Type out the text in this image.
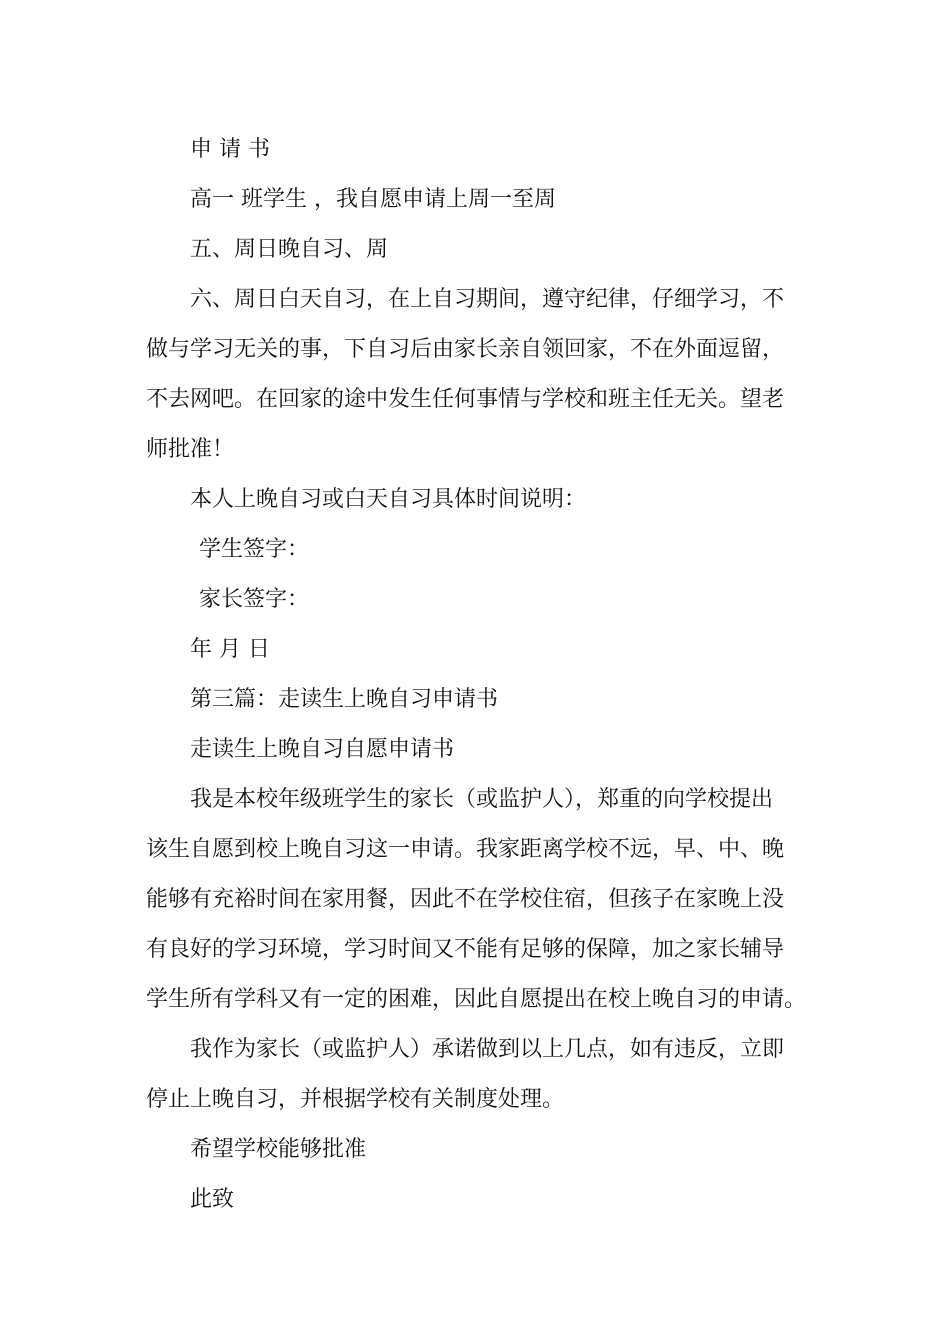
申 请 书
高一 班学生 ，我自愿申请上周一至周
五、周日晚自习、周
六、周日白天自习，在上自习期间，遵守纪律，仔细学习，不
做与学习无关的事，下自习后由家长亲自领回家，不在外面逗留，
不去网吧。在回家的途中发生任何事情与学校和班主任无关。望老
师批准！
本人上晚自习或白天自习具体时间说明：
学生签字：
家长签字：
年 月 日
第三篇：走读生上晚自习申请书
走读生上晚自习自愿申请书
我是本校年级班学生的家长（或监护人），郑重的向学校提出
该生自愿到校上晚自习这一申请。我家距离学校不远，早、中、晚
能够有充裕时间在家用餐，因此不在学校住宿，但孩子在家晚上没
有良好的学习环境，学习时间又不能有足够的保障，加之家长辅导
学生所有学科又有一定的困难，因此自愿提出在校上晚自习的申请。
我作为家长（或监护人）承诺做到以上几点，如有违反，立即
停止上晚自习，并根据学校有关制度处理。
希望学校能够批准
此致
